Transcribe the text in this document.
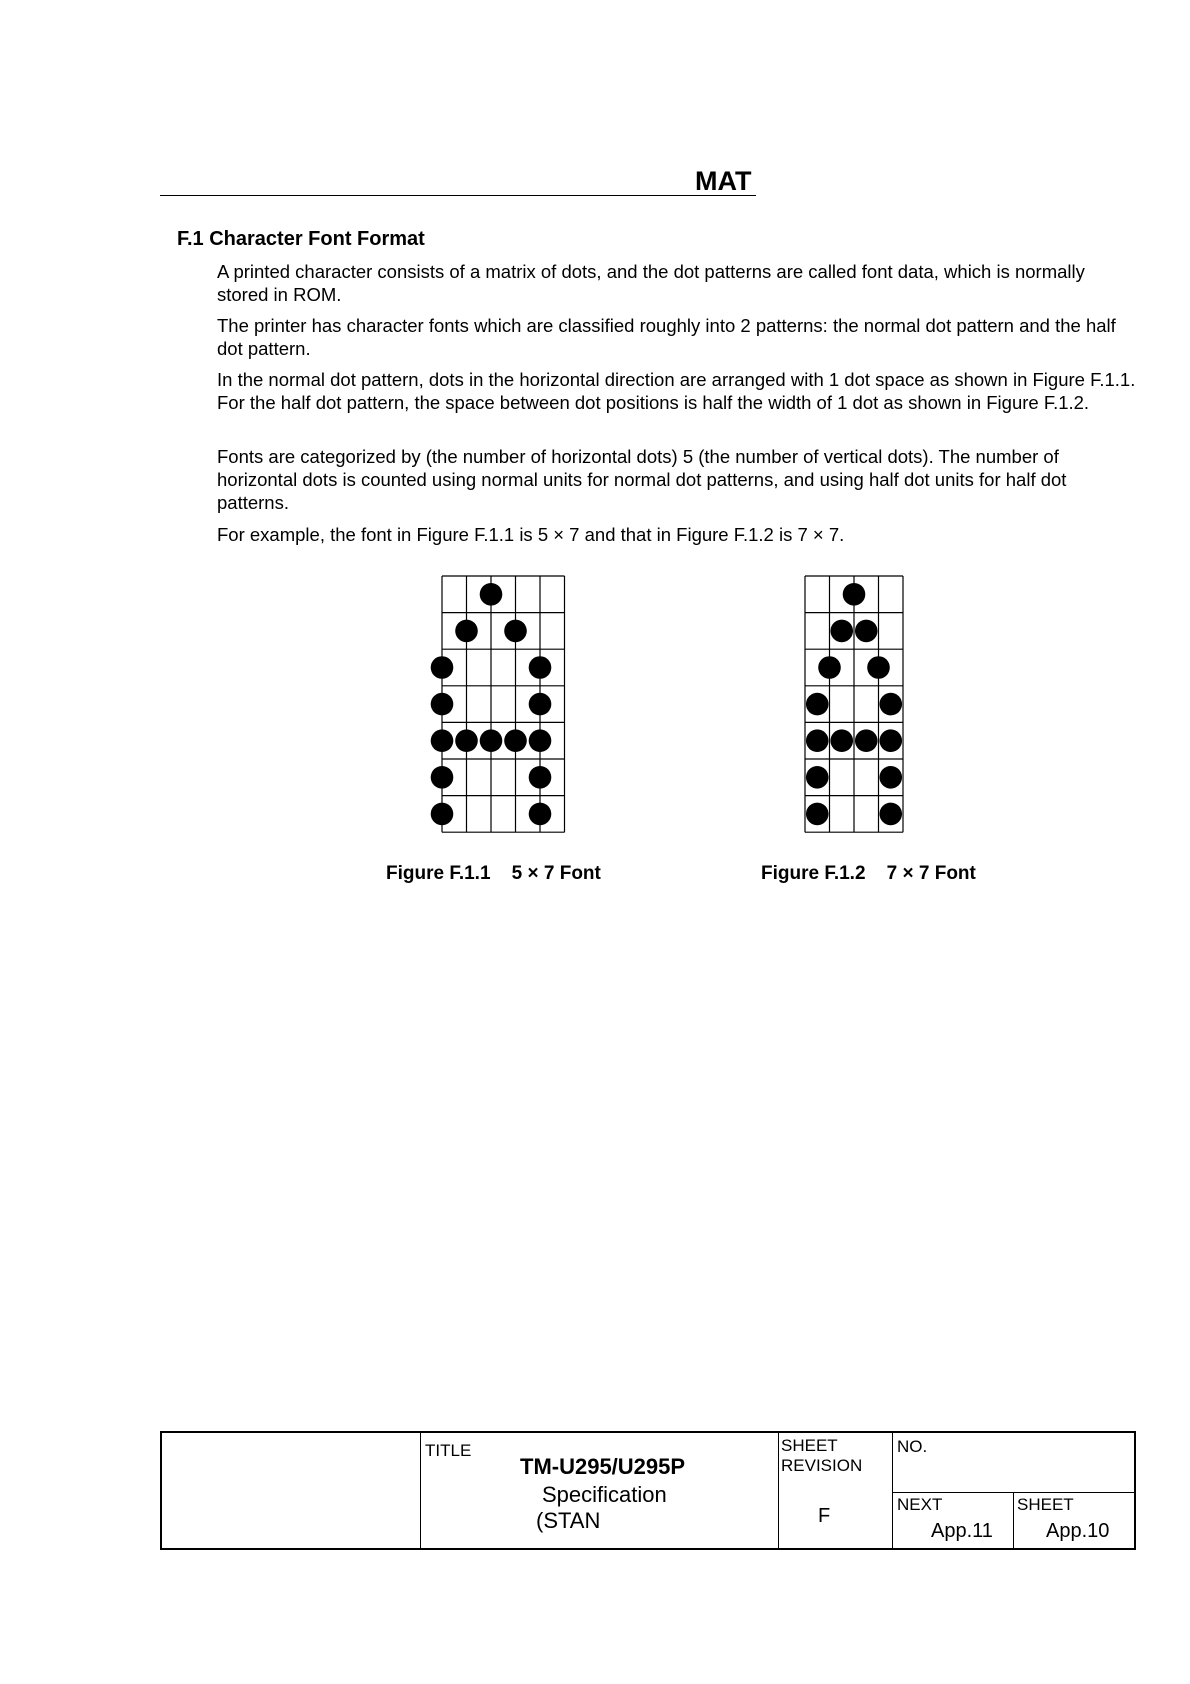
MAT
F.1 Character Font Format
A printed character consists of a matrix of dots, and the dot patterns are called font data, which is normally stored in ROM.
The printer has character fonts which are classified roughly into 2 patterns: the normal dot pattern and the half dot pattern.
In the normal dot pattern, dots in the horizontal direction are arranged with 1 dot space as shown in Figure F.1.1. For the half dot pattern, the space between dot positions is half the width of 1 dot as shown in Figure F.1.2.
Fonts are categorized by (the number of horizontal dots) 5 (the number of vertical dots). The number of horizontal dots is counted using normal units for normal dot patterns, and using half dot units for half dot patterns.
For example, the font in Figure F.1.1 is 5 × 7 and that in Figure F.1.2 is 7 × 7.
Figure F.1.1    5 × 7 Font	Figure F.1.2    7 × 7 Font
TITLE
TM-U295/U295P
Specification
(STAN
SHEET
REVISION
F
NO.
NEXT
App.11
SHEET
App.10
